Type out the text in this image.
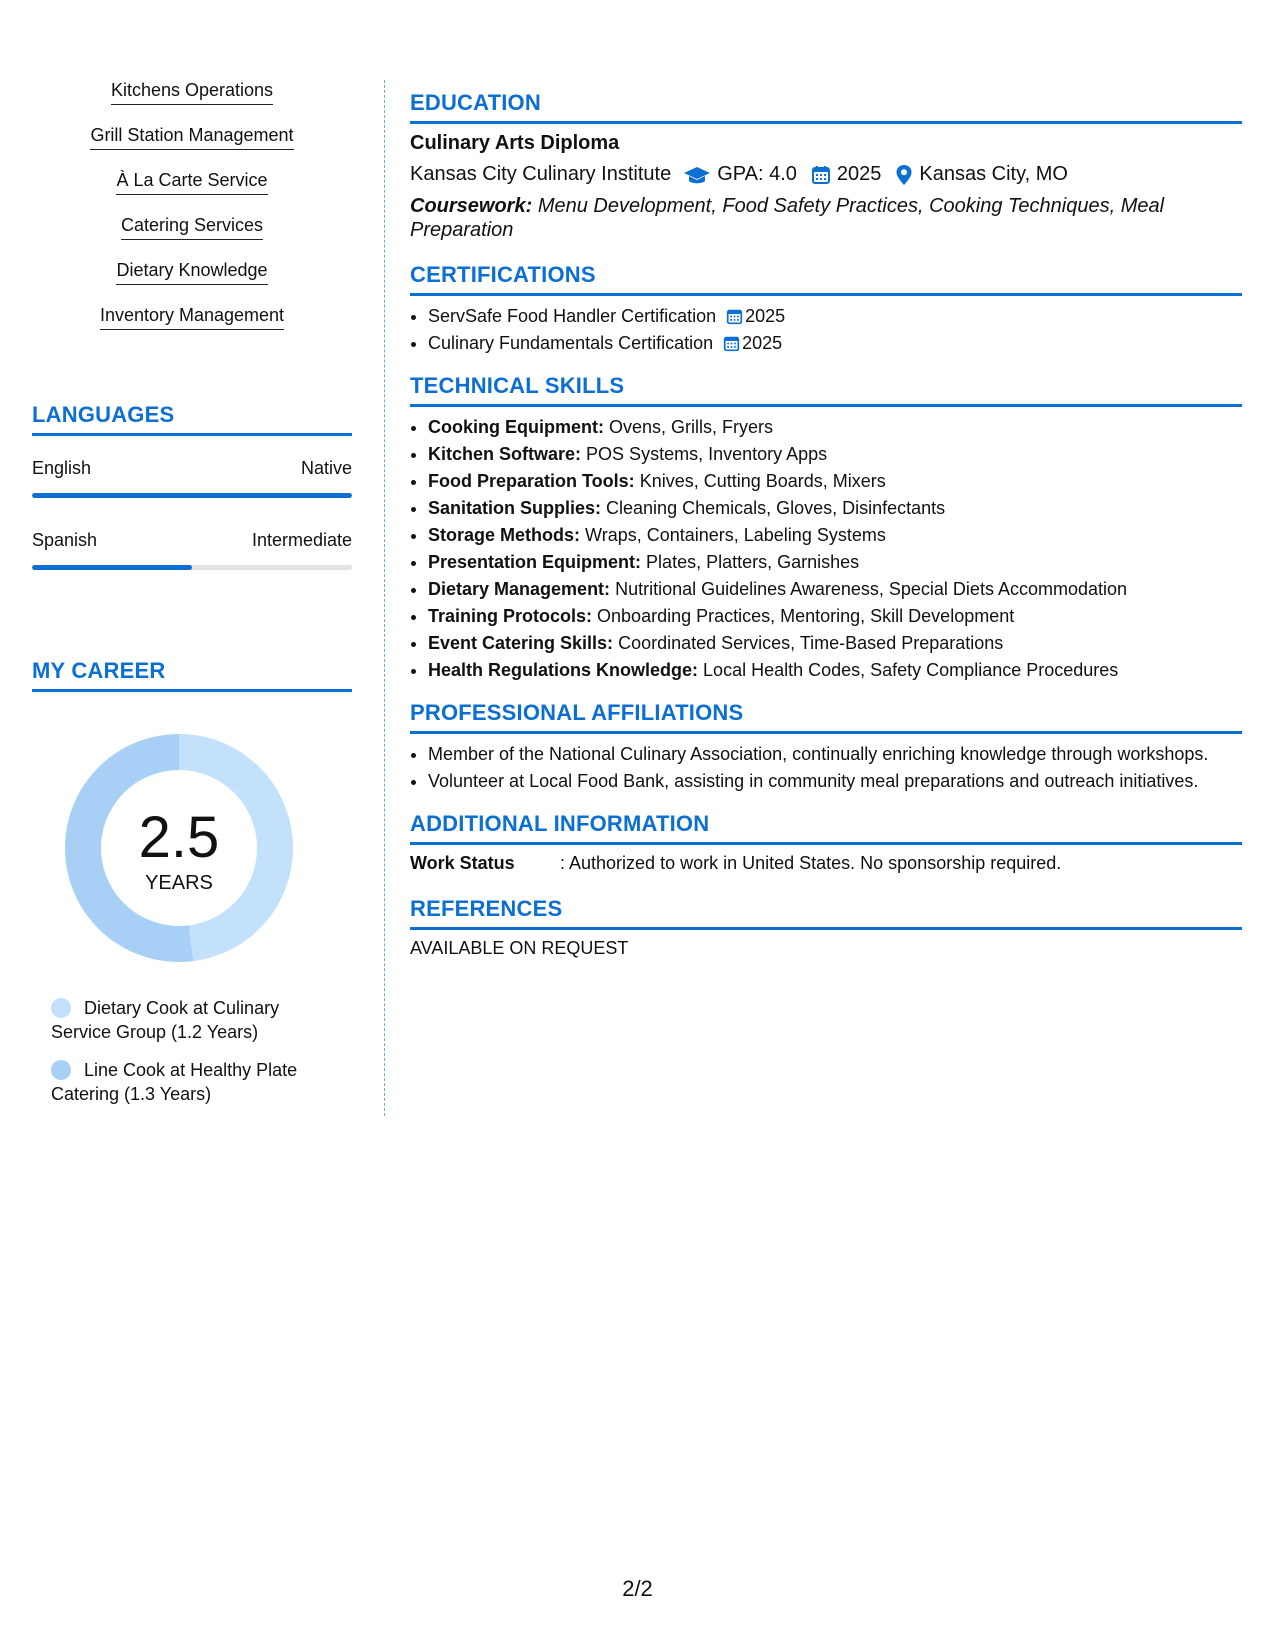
Kitchens Operations
Grill Station Management
À La Carte Service
Catering Services
Dietary Knowledge
Inventory Management
LANGUAGES
English	Native
Spanish	Intermediate
MY CAREER
2.5
YEARS
Dietary Cook at Culinary Service Group (1.2 Years)
Line Cook at Healthy Plate Catering (1.3 Years)
EDUCATION
Culinary Arts Diploma
Kansas City Culinary Institute GPA: 4.0 2025 Kansas City, MO
Coursework: Menu Development, Food Safety Practices, Cooking Techniques, Meal Preparation
CERTIFICATIONS
• ServSafe Food Handler Certification 2025
• Culinary Fundamentals Certification 2025
TECHNICAL SKILLS
• Cooking Equipment: Ovens, Grills, Fryers
• Kitchen Software: POS Systems, Inventory Apps
• Food Preparation Tools: Knives, Cutting Boards, Mixers
• Sanitation Supplies: Cleaning Chemicals, Gloves, Disinfectants
• Storage Methods: Wraps, Containers, Labeling Systems
• Presentation Equipment: Plates, Platters, Garnishes
• Dietary Management: Nutritional Guidelines Awareness, Special Diets Accommodation
• Training Protocols: Onboarding Practices, Mentoring, Skill Development
• Event Catering Skills: Coordinated Services, Time-Based Preparations
• Health Regulations Knowledge: Local Health Codes, Safety Compliance Procedures
PROFESSIONAL AFFILIATIONS
• Member of the National Culinary Association, continually enriching knowledge through workshops.
• Volunteer at Local Food Bank, assisting in community meal preparations and outreach initiatives.
ADDITIONAL INFORMATION
Work Status	: Authorized to work in United States. No sponsorship required.
REFERENCES
AVAILABLE ON REQUEST
2/2
